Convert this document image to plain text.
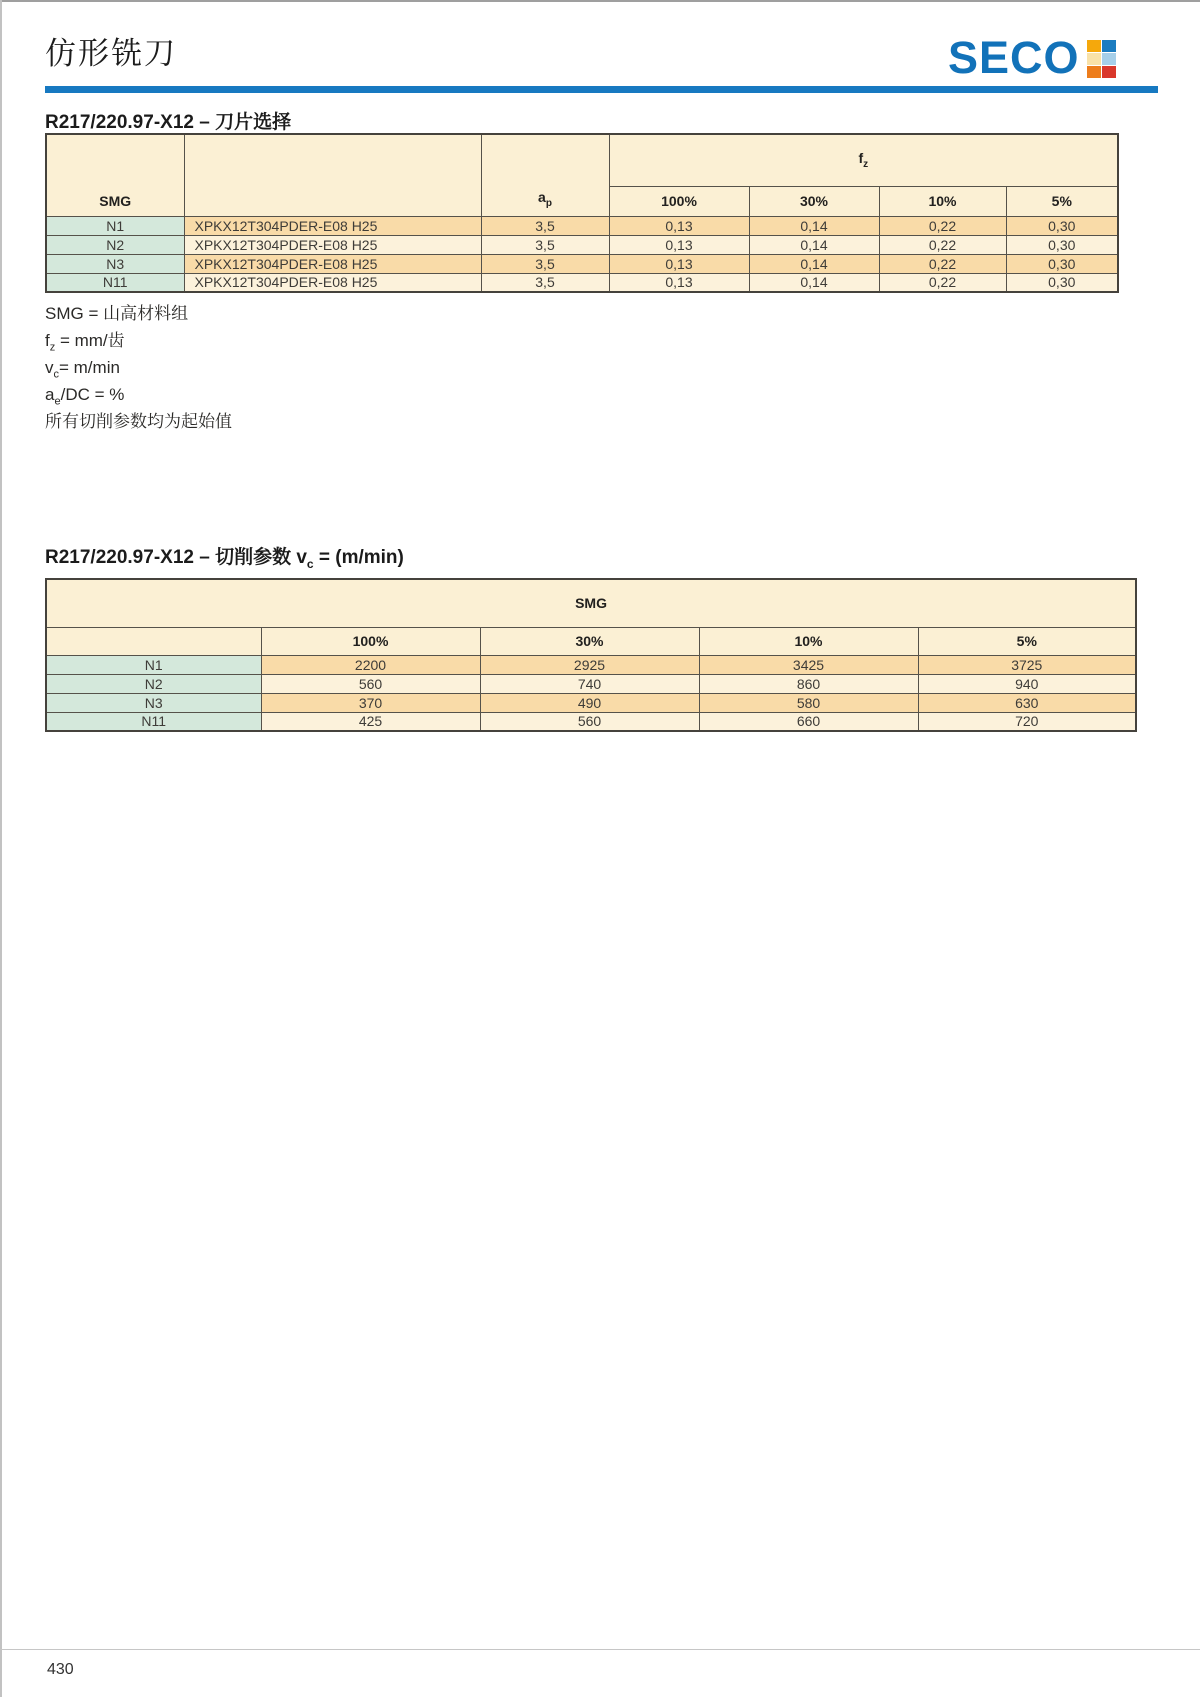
仿形铣刀	SECO
R217/220.97-X12 – 刀片选择
SMG		$a_p$	$f_z$
			100%	30%	10%	5%
N1	XPKX12T304PDER-E08 H25	3,5	0,13	0,14	0,22	0,30
N2	XPKX12T304PDER-E08 H25	3,5	0,13	0,14	0,22	0,30
N3	XPKX12T304PDER-E08 H25	3,5	0,13	0,14	0,22	0,30
N11	XPKX12T304PDER-E08 H25	3,5	0,13	0,14	0,22	0,30
SMG = 山高材料组
$f_z = mm/$齿
$v_c= m/\min$
$a_e/DC$ = %
所有切削参数均为起始值
R217/220.97-X12 – 切削参数 $v_c = (m/\min)$
SMG				
	100%	30%	10%	5%
N1	2200	2925	3425	3725
N2	560	740	860	940
N3	370	490	580	630
N11	425	560	660	720
430
